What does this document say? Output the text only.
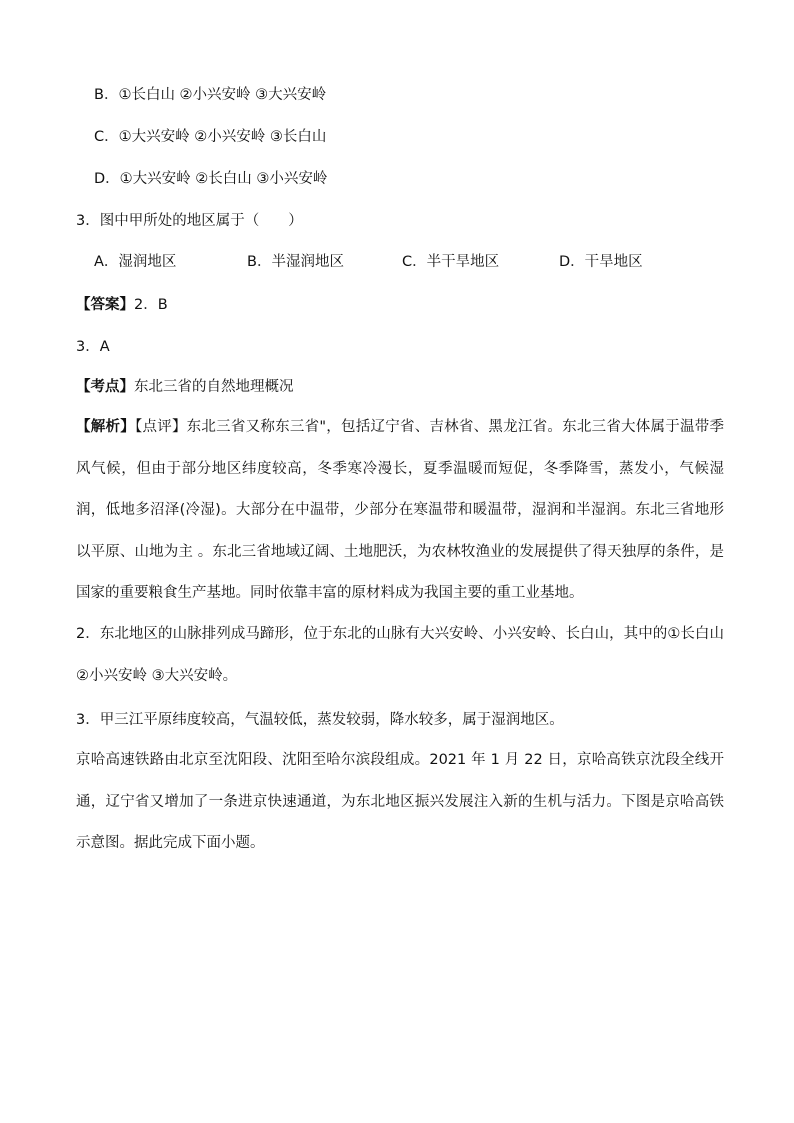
B．①长白山 ②小兴安岭 ③大兴安岭
C．①大兴安岭 ②小兴安岭 ③长白山
D．①大兴安岭 ②长白山 ③小兴安岭
3．图中甲所处的地区属于（　　）
A．湿润地区	B．半湿润地区	C．半干旱地区	D．干旱地区
【答案】2．B
3．A
【考点】东北三省的自然地理概况
【解析】【点评】东北三省又称东三省"，包括辽宁省、吉林省、黑龙江省。东北三省大体属于温带季风气候，但由于部分地区纬度较高，冬季寒冷漫长，夏季温暖而短促，冬季降雪，蒸发小，气候湿润，低地多沼泽(冷湿)。大部分在中温带，少部分在寒温带和暖温带，湿润和半湿润。东北三省地形以平原、山地为主 。东北三省地域辽阔、土地肥沃，为农林牧渔业的发展提供了得天独厚的条件，是国家的重要粮食生产基地。同时依靠丰富的原材料成为我国主要的重工业基地。
2．东北地区的山脉排列成马蹄形，位于东北的山脉有大兴安岭、小兴安岭、长白山，其中的①长白山 ②小兴安岭 ③大兴安岭。
3．甲三江平原纬度较高，气温较低，蒸发较弱，降水较多，属于湿润地区。
京哈高速铁路由北京至沈阳段、沈阳至哈尔滨段组成。2021 年 1 月 22 日，京哈高铁京沈段全线开通，辽宁省又增加了一条进京快速通道，为东北地区振兴发展注入新的生机与活力。下图是京哈高铁示意图。据此完成下面小题。
